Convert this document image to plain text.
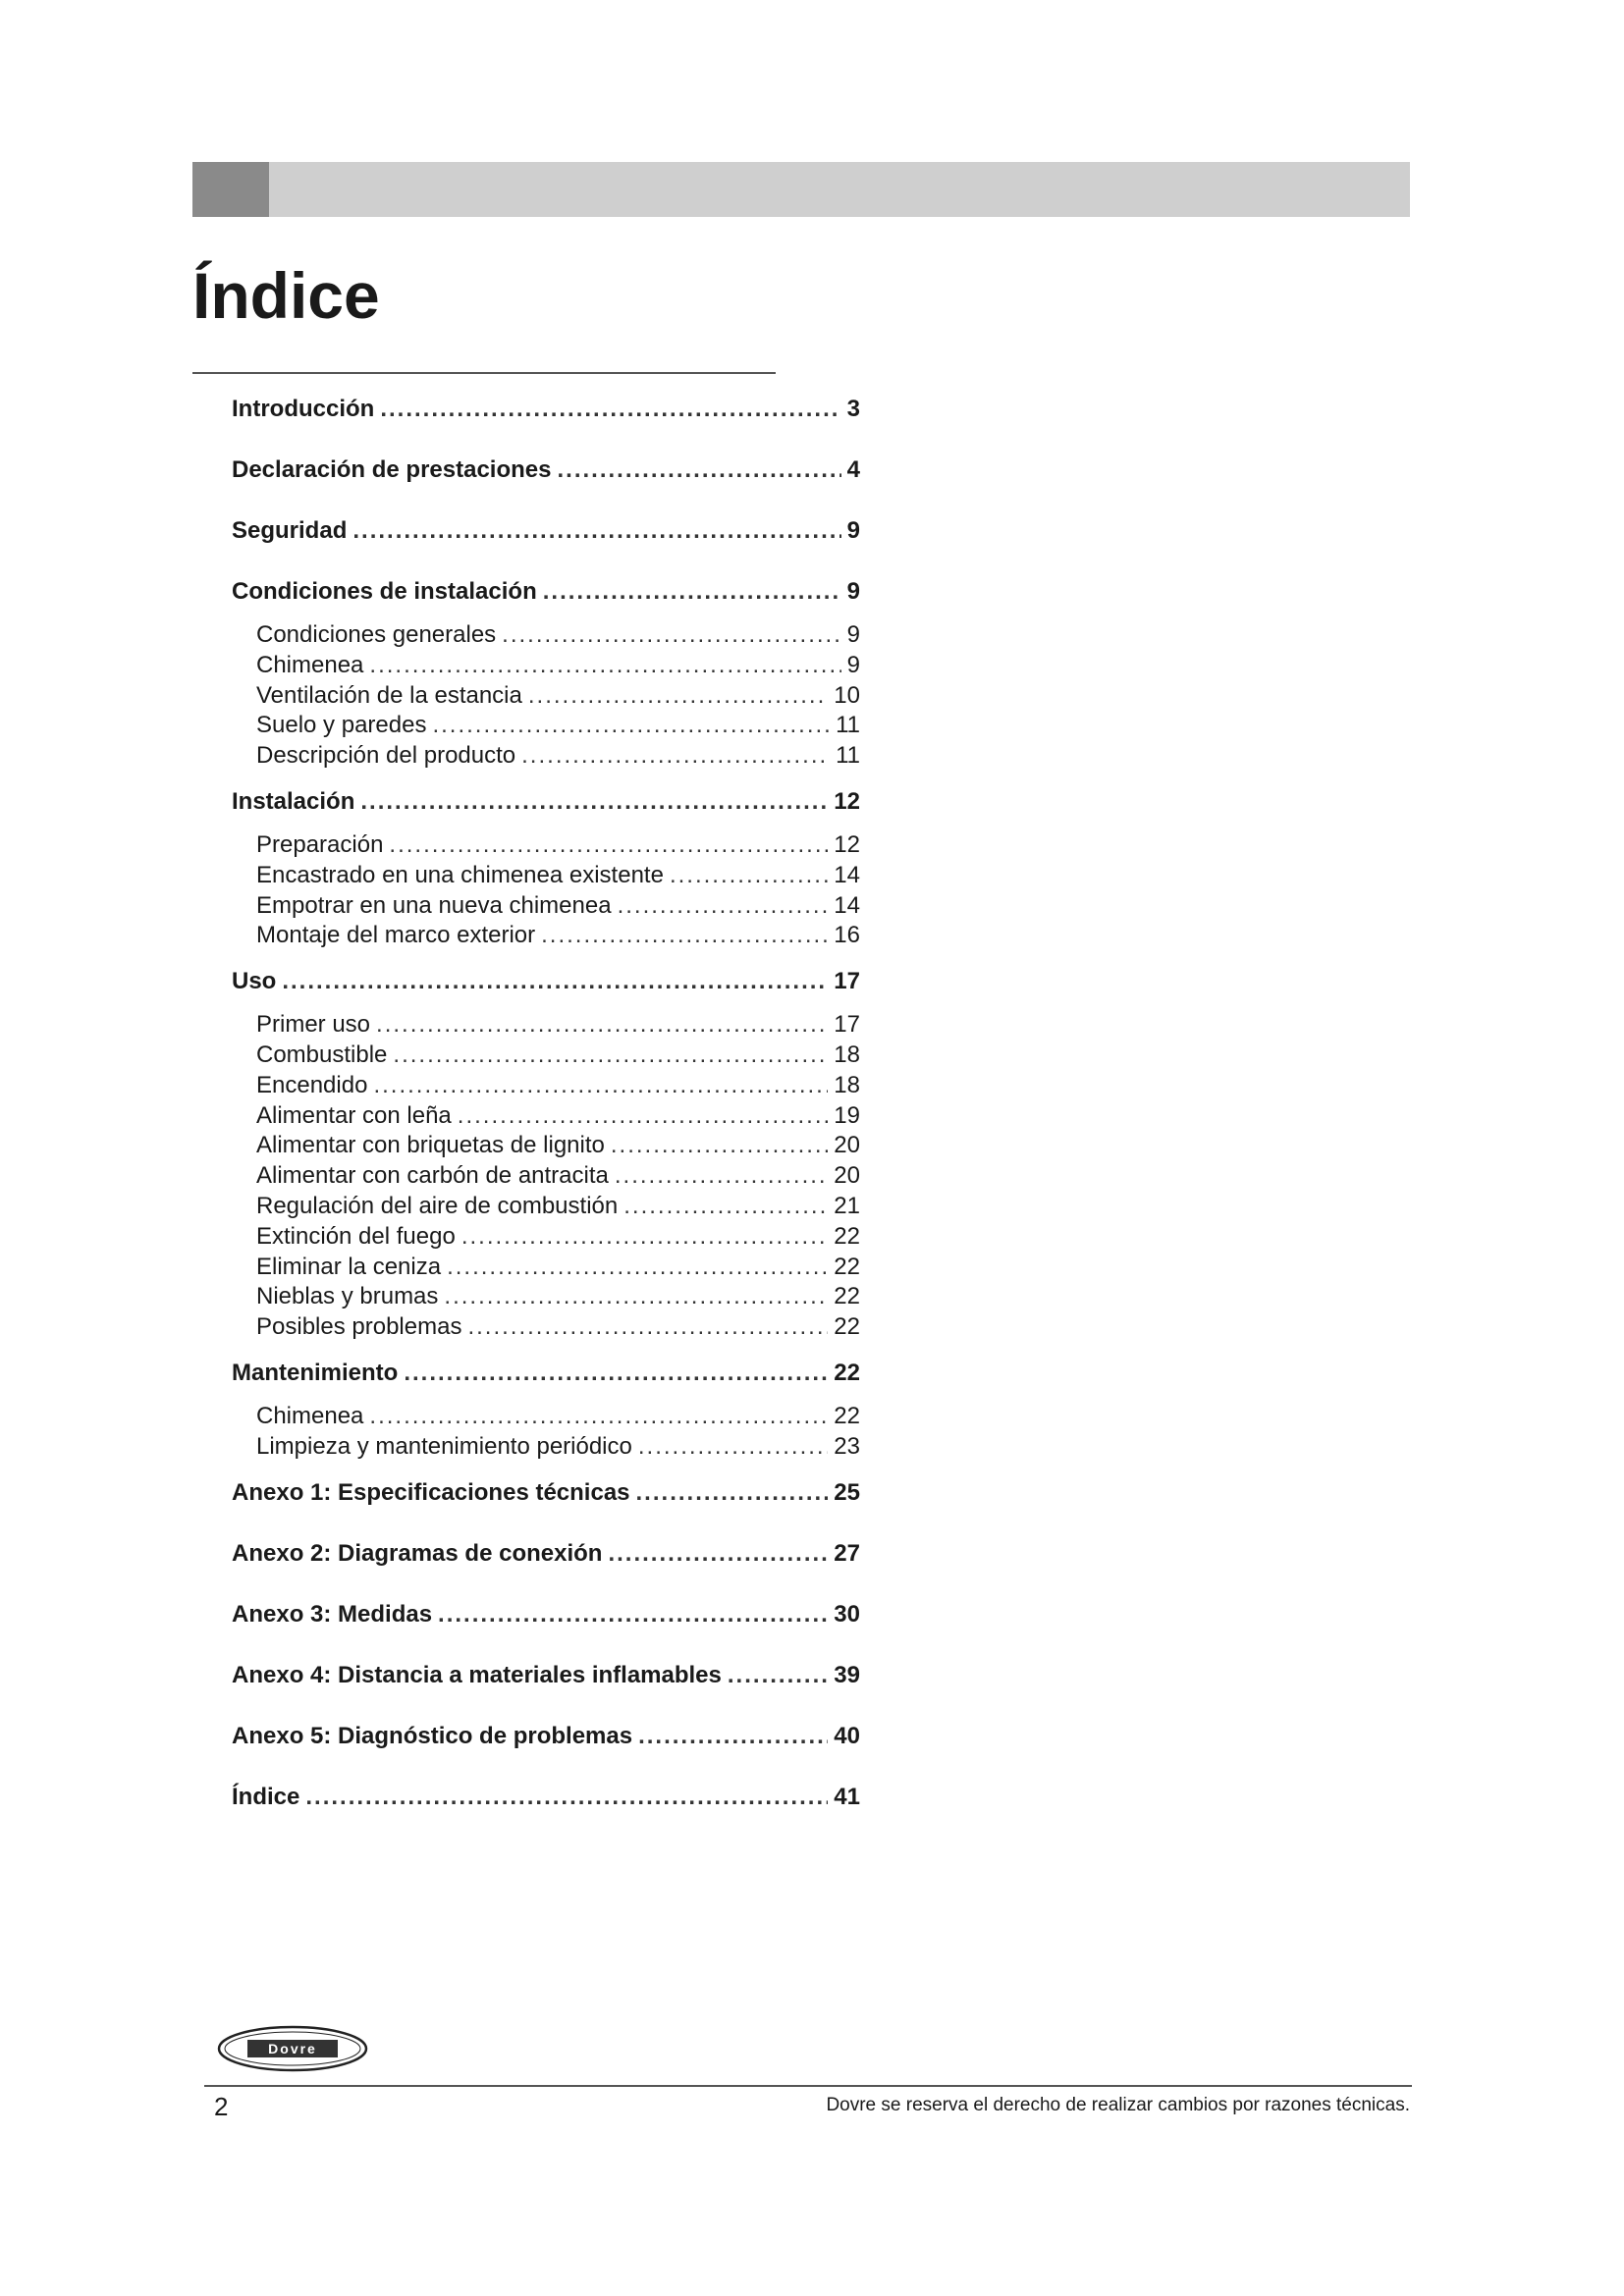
Índice
Introducción .....	3
Declaración de prestaciones .....	4
Seguridad .....	9
Condiciones de instalación .....	9
Condiciones generales .....	9
Chimenea .....	9
Ventilación de la estancia .....	10
Suelo y paredes .....	11
Descripción del producto .....	11
Instalación .....	12
Preparación .....	12
Encastrado en una chimenea existente .....	14
Empotrar en una nueva chimenea .....	14
Montaje del marco exterior .....	16
Uso .....	17
Primer uso .....	17
Combustible .....	18
Encendido .....	18
Alimentar con leña .....	19
Alimentar con briquetas de lignito .....	20
Alimentar con carbón de antracita .....	20
Regulación del aire de combustión .....	21
Extinción del fuego .....	22
Eliminar la ceniza .....	22
Nieblas y brumas .....	22
Posibles problemas .....	22
Mantenimiento .....	22
Chimenea .....	22
Limpieza y mantenimiento periódico .....	23
Anexo 1: Especificaciones técnicas .....	25
Anexo 2: Diagramas de conexión .....	27
Anexo 3: Medidas .....	30
Anexo 4: Distancia a materiales inflamables .....	39
Anexo 5: Diagnóstico de problemas .....	40
Índice .....	41
Dovre
2	Dovre se reserva el derecho de realizar cambios por razones técnicas.
